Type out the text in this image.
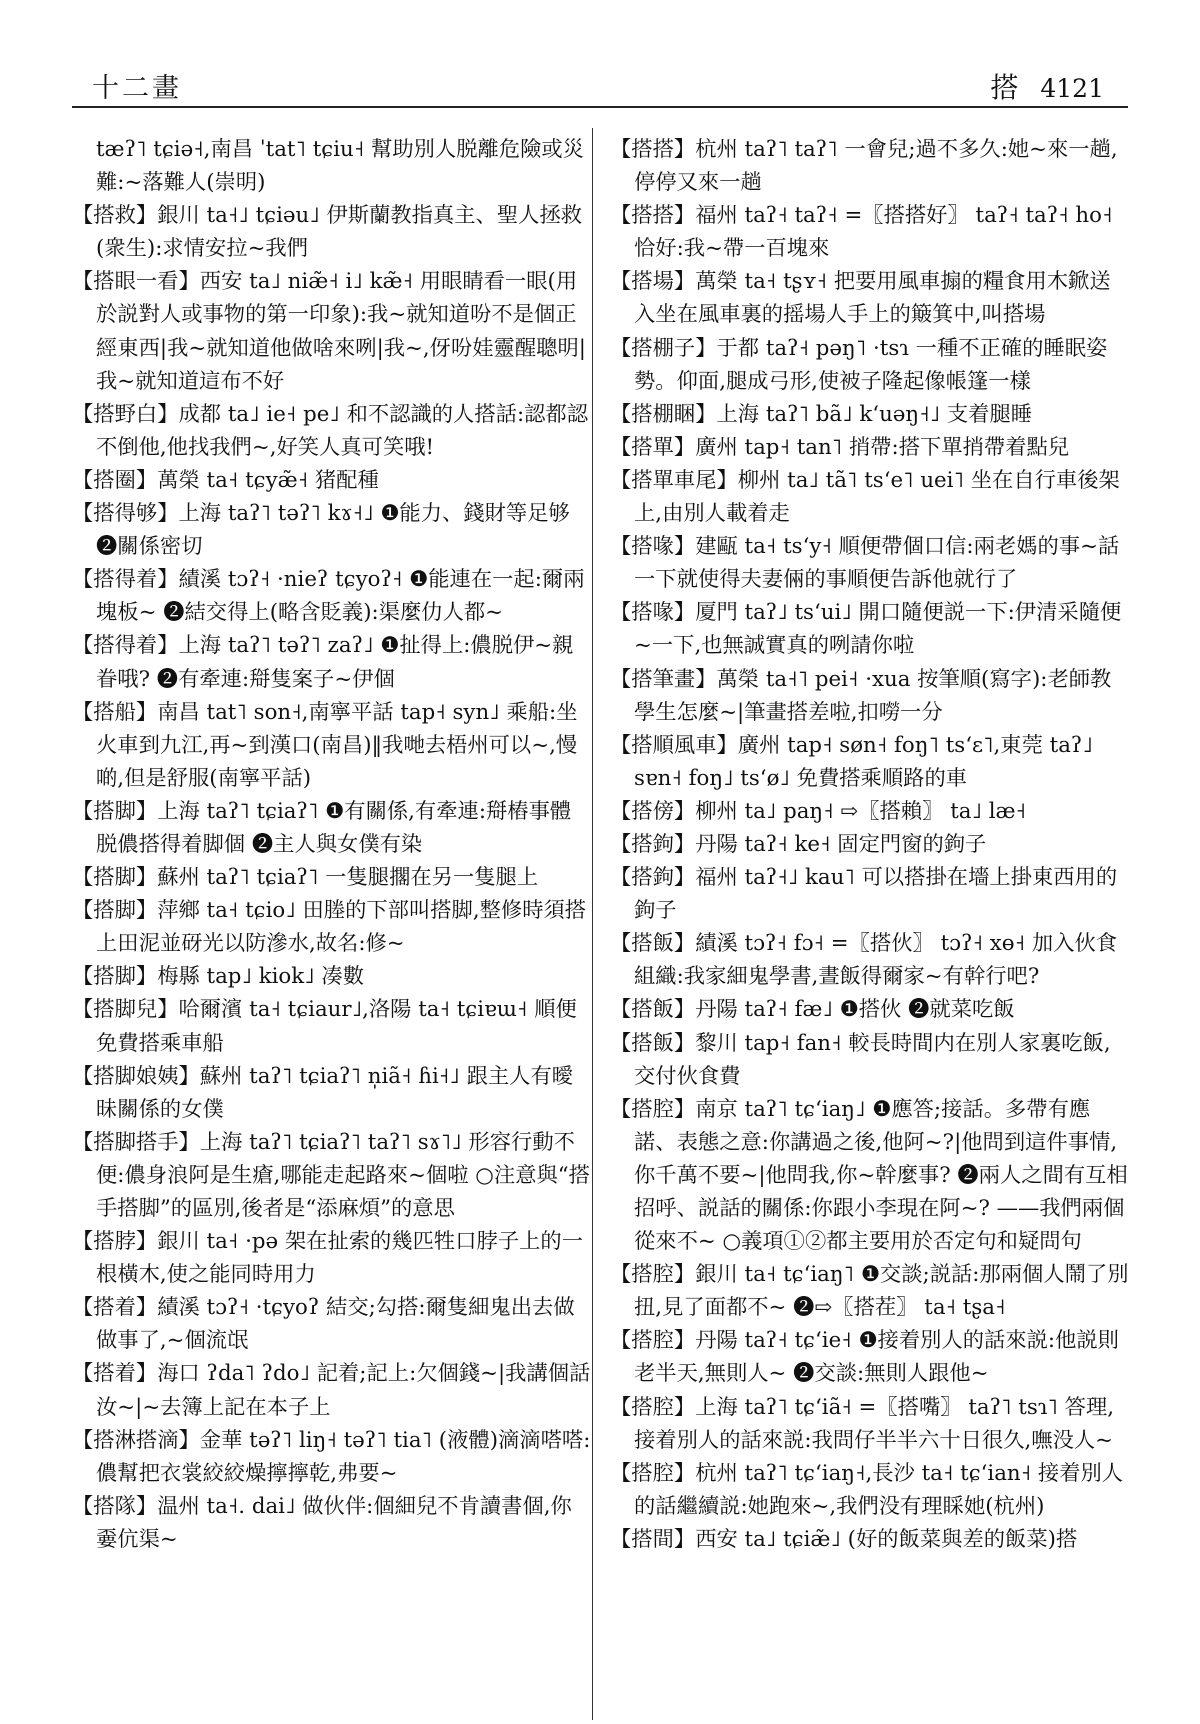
十二畫	搭 4121

tæʔ˥ tɕiə˧,南昌 ˈtat˥ tɕiu˧ 幫助別人脱離危險或災難:~落難人(崇明)

【搭救】銀川 ta˧˩ tɕiəu˩ 伊斯蘭教指真主、聖人拯救(衆生):求情安拉~我們

【搭眼一看】西安 ta˩ niæ̃˧ i˩ kæ̃˧ 用眼睛看一眼(用於説對人或事物的第一印象):我~就知道吩不是個正經東西|我~就知道他做啥來咧|我~,伢吩娃靈醒聰明|我~就知道這布不好

【搭野白】成都 ta˩ ie˧ pe˩ 和不認識的人搭話:認都認不倒他,他找我們~,好笑人真可笑哦!

【搭圈】萬榮 ta˧ tɕyæ̃˧ 猪配種

【搭得够】上海 taʔ˥ təʔ˥ kɤ˧˩ ❶能力、錢財等足够 ❷關係密切

【搭得着】績溪 tɔʔ˧ ·nieʔ tɕyoʔ˧ ❶能連在一起:爾兩塊板~ ❷結交得上(略含貶義):渠麼仂人都~

【搭得着】上海 taʔ˥ təʔ˥ zaʔ˩ ❶扯得上:儂脱伊~親眷哦? ❷有牽連:搿隻案子~伊個

【搭船】南昌 tat˥ son˧,南寧平話 tap˧ syn˩ 乘船:坐火車到九江,再~到漢口(南昌)‖我哋去梧州可以~,慢啲,但是舒服(南寧平話)

【搭脚】上海 taʔ˥ tɕiaʔ˥ ❶有關係,有牽連:搿樁事體脱儂搭得着脚個 ❷主人與女僕有染

【搭脚】蘇州 taʔ˥ tɕiaʔ˥ 一隻腿擱在另一隻腿上

【搭脚】萍鄉 ta˧ tɕio˩ 田塍的下部叫搭脚,整修時須搭上田泥並砑光以防滲水,故名:修~

【搭脚】梅縣 tap˩ kiok˩ 凑數

【搭脚兒】哈爾濱 ta˧ tɕiaur˩,洛陽 ta˧ tɕiɐɯ˧ 順便免費搭乘車船

【搭脚娘姨】蘇州 taʔ˥ tɕiaʔ˥ n̩iã˧ ɦi˧˩ 跟主人有曖昧關係的女僕

【搭脚搭手】上海 taʔ˥ tɕiaʔ˥ taʔ˥ sɤ˥˩ 形容行動不便:儂身浪阿是生瘡,哪能走起路來~個啦 ○注意與“搭手搭脚”的區別,後者是“添麻煩”的意思

【搭脖】銀川 ta˧ ·pə 架在扯索的幾匹牲口脖子上的一根橫木,使之能同時用力

【搭着】績溪 tɔʔ˧ ·tɕyoʔ 結交;勾搭:爾隻細鬼出去做做事了,~個流氓

【搭着】海口 ʔda˥ ʔdo˩ 記着;記上:欠個錢~|我講個話汝~|~去簿上記在本子上

【搭淋搭滴】金華 təʔ˥ liŋ˧ təʔ˥ tia˥ (液體)滴滴嗒嗒:儂幫把衣裳絞絞燥擰擰乾,弗要~

【搭隊】温州 ta˧. dai˩ 做伙伴:個細兒不肯讀書個,你嫑伉渠~

【搭搭】杭州 taʔ˥ taʔ˥ 一會兒;過不多久:她~來一趟,停停又來一趟

【搭搭】福州 taʔ˧ taʔ˧ =〖搭搭好〗 taʔ˧ taʔ˧ ho˧ 恰好:我~帶一百塊來

【搭場】萬榮 ta˧ tʂʏ˧ 把要用風車搧的糧食用木鍁送入坐在風車裏的摇場人手上的簸箕中,叫搭場

【搭棚子】于都 taʔ˧ pəŋ˥ ·tsɿ 一種不正確的睡眠姿勢。仰面,腿成弓形,使被子隆起像帳篷一樣

【搭棚睏】上海 taʔ˥ bã˩ kʻuəŋ˧˩ 支着腿睡

【搭單】廣州 tap˧ tan˥ 捎帶:搭下單捎帶着點兒

【搭單車尾】柳州 ta˩ tã˥ tsʻe˥ uei˥ 坐在自行車後架上,由別人載着走

【搭喙】建甌 ta˧ tsʻy˧ 順便帶個口信:兩老媽的事~話一下就使得夫妻倆的事順便告訴他就行了

【搭喙】厦門 taʔ˩ tsʻui˩ 開口隨便説一下:伊清采隨便~一下,也無誠實真的咧請你啦

【搭筆畫】萬榮 ta˧˥ pei˧ ·xua 按筆順(寫字):老師教學生怎麼~|筆畫搭差啦,扣嘮一分

【搭順風車】廣州 tap˧ søn˧ foŋ˥ tsʻɛ˥,東莞 taʔ˩ sɐn˧ foŋ˩ tsʻø˩ 免費搭乘順路的車

【搭傍】柳州 ta˩ paŋ˧ ⇨〖搭賴〗 ta˩ læ˧

【搭鉤】丹陽 taʔ˧ ke˧ 固定門窗的鉤子

【搭鉤】福州 taʔ˧˩ kau˥ 可以搭掛在墻上掛東西用的鉤子

【搭飯】績溪 tɔʔ˧ fɔ˧ =〖搭伙〗 tɔʔ˧ xɵ˧ 加入伙食組織:我家細鬼學書,晝飯得爾家~有幹行吧?

【搭飯】丹陽 taʔ˧ fæ˩ ❶搭伙 ❷就菜吃飯

【搭飯】黎川 tap˧ fan˧ 較長時間内在別人家裏吃飯,交付伙食費

【搭腔】南京 taʔ˥ tɕʻiaŋ˩ ❶應答;接話。多帶有應諾、表態之意:你講過之後,他阿~?|他問到這件事情,你千萬不要~|他問我,你~幹麼事? ❷兩人之間有互相招呼、説話的關係:你跟小李現在阿~? ——我們兩個從來不~ ○義項①②都主要用於否定句和疑問句

【搭腔】銀川 ta˧ tɕʻiaŋ˥ ❶交談;説話:那兩個人鬧了別扭,見了面都不~ ❷⇨〖搭茬〗 ta˧ tʂa˧

【搭腔】丹陽 taʔ˧ tɕʻie˧ ❶接着別人的話來説:他説則老半天,無則人~ ❷交談:無則人跟他~

【搭腔】上海 taʔ˥ tɕʻiã˧ =〖搭嘴〗 taʔ˥ tsɿ˥ 答理,接着別人的話來説:我問仔半半六十日很久,嘸没人~

【搭腔】杭州 taʔ˥ tɕʻiaŋ˧,長沙 ta˧ tɕʻian˧ 接着別人的話繼續説:她跑來~,我們没有理睬她(杭州)

【搭間】西安 ta˩ tɕiæ̃˩ (好的飯菜與差的飯菜)搭
